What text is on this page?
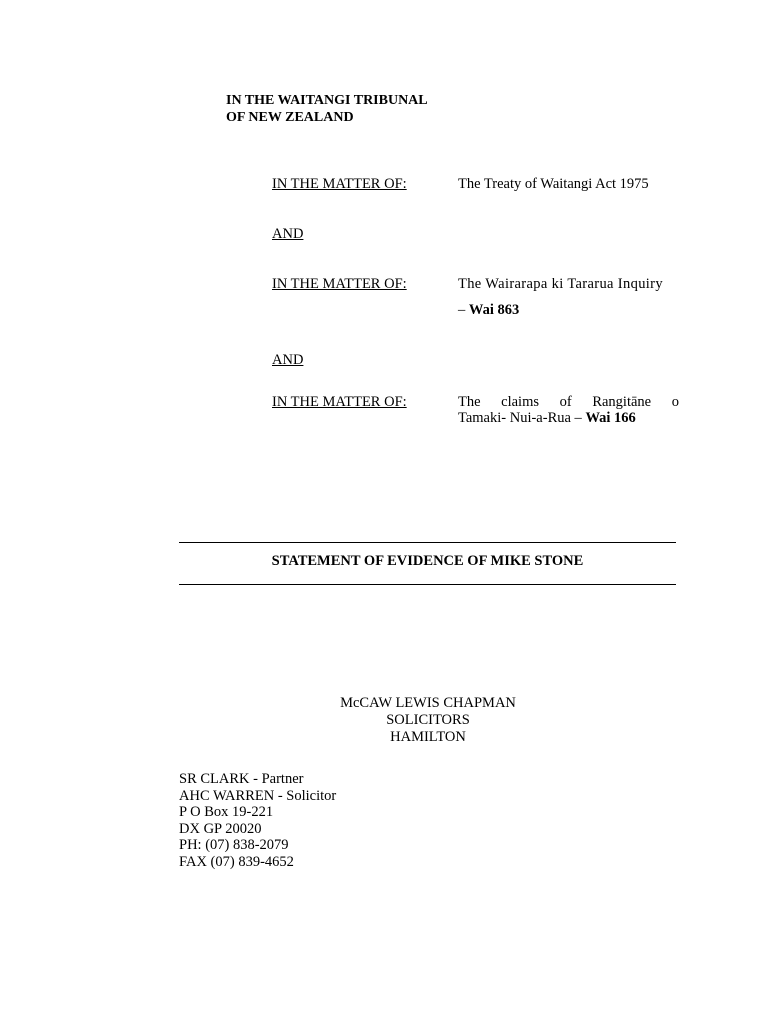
IN THE WAITANGI TRIBUNAL
OF NEW ZEALAND
IN THE MATTER OF:	The Treaty of Waitangi Act 1975
AND
IN THE MATTER OF:	The Wairarapa ki Tararua Inquiry
– Wai 863
AND
IN THE MATTER OF:	The claims of Rangitāne o
Tamaki- Nui-a-Rua – Wai 166
STATEMENT OF EVIDENCE OF MIKE STONE
McCAW LEWIS CHAPMAN
SOLICITORS
HAMILTON
SR CLARK - Partner
AHC WARREN - Solicitor
P O Box 19-221
DX GP 20020
PH: (07) 838-2079
FAX (07) 839-4652
